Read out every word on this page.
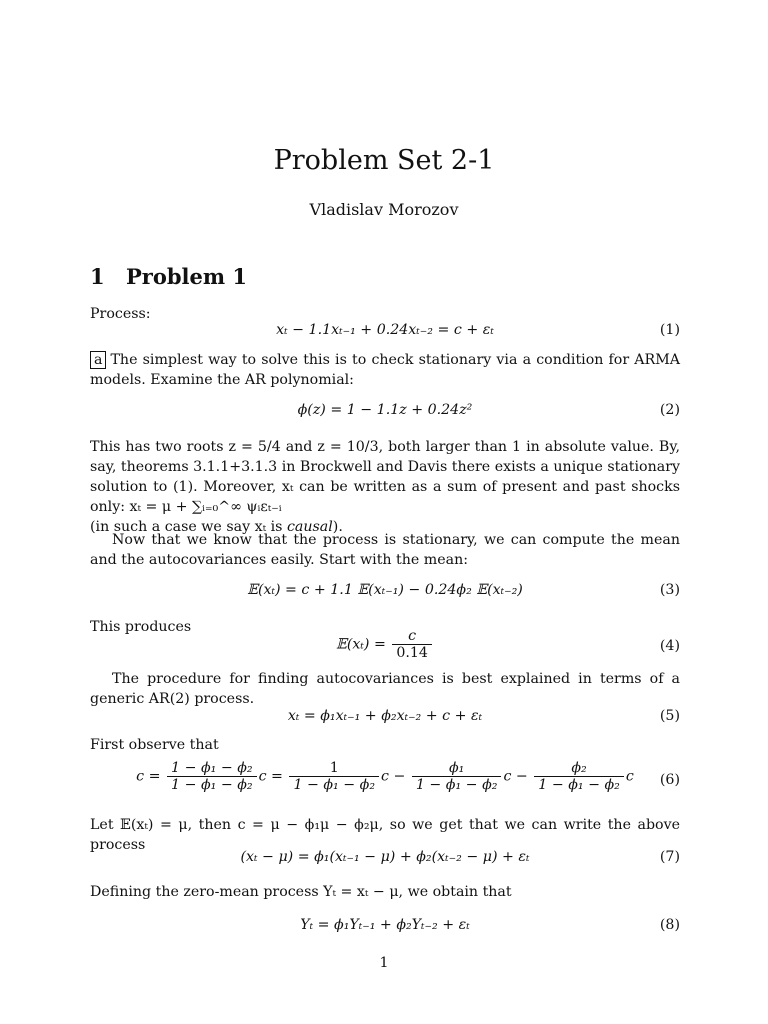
Problem Set 2-1
Vladislav Morozov
1 Problem 1
Process:
xₜ − 1.1xₜ₋₁ + 0.24xₜ₋₂ = c + εₜ	(1)
a The simplest way to solve this is to check stationary via a condition for ARMA models. Examine the AR polynomial:
ϕ(z) = 1 − 1.1z + 0.24z²	(2)
This has two roots z = 5/4 and z = 10/3, both larger than 1 in absolute value. By, say, theorems 3.1.1+3.1.3 in Brockwell and Davis there exists a unique stationary solution to (1). Moreover, xₜ can be written as a sum of present and past shocks only: xₜ = μ + ∑ᵢ₌₀^∞ ψᵢεₜ₋ᵢ
(in such a case we say xₜ is causal).
Now that we know that the process is stationary, we can compute the mean and the autocovariances easily. Start with the mean:
𝔼(xₜ) = c + 1.1 𝔼(xₜ₋₁) − 0.24ϕ₂ 𝔼(xₜ₋₂)	(3)
This produces
𝔼(xₜ) = $\frac{c}{0.14}$	(4)
The procedure for finding autocovariances is best explained in terms of a generic AR(2) process.
xₜ = ϕ₁xₜ₋₁ + ϕ₂xₜ₋₂ + c + εₜ	(5)
First observe that
$c = \frac{\text{1 − ϕ₁ − ϕ₂}}{\text{1 − ϕ₁ − ϕ₂}}$ $c = \frac{1}{\text{1 − ϕ₁ − ϕ₂}}$ $c - \frac{\text{ϕ₁}}{\text{1 − ϕ₁ − ϕ₂}}$ $c - \frac{\text{ϕ₂}}{\text{1 − ϕ₁ − ϕ₂}}$ c	(6)
Let 𝔼(xₜ) = μ, then c = μ − ϕ₁μ − ϕ₂μ, so we get that we can write the above process
(xₜ − μ) = ϕ₁(xₜ₋₁ − μ) + ϕ₂(xₜ₋₂ − μ) + εₜ	(7)
Defining the zero-mean process Yₜ = xₜ − μ, we obtain that
Yₜ = ϕ₁Yₜ₋₁ + ϕ₂Yₜ₋₂ + εₜ	(8)
1
